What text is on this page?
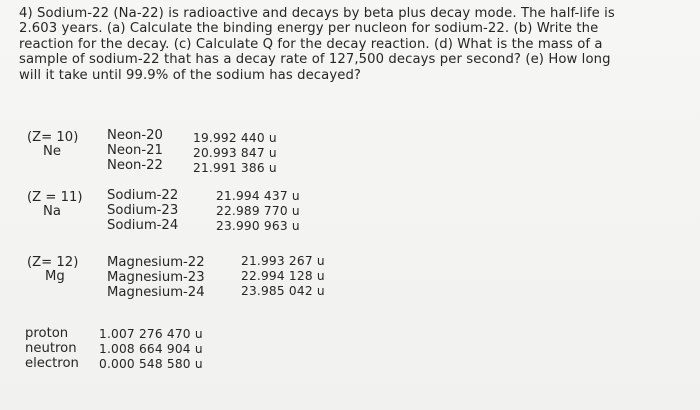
4) Sodium-22 (Na-22) is radioactive and decays by beta plus decay mode. The half-life is
2.603 years. (a) Calculate the binding energy per nucleon for sodium-22. (b) Write the
reaction for the decay. (c) Calculate Q for the decay reaction. (d) What is the mass of a
sample of sodium-22 that has a decay rate of 127,500 decays per second? (e) How long
will it take until 99.9% of the sodium has decayed?
(Z= 10)
Ne
Neon-20
Neon-21
Neon-22
19.992 440 u
20.993 847 u
21.991 386 u
(Z = 11)
Na
Sodium-22
Sodium-23
Sodium-24
21.994 437 u
22.989 770 u
23.990 963 u
(Z= 12)
Mg
Magnesium-22
Magnesium-23
Magnesium-24
21.993 267 u
22.994 128 u
23.985 042 u
proton
neutron
electron
1.007 276 470 u
1.008 664 904 u
0.000 548 580 u
